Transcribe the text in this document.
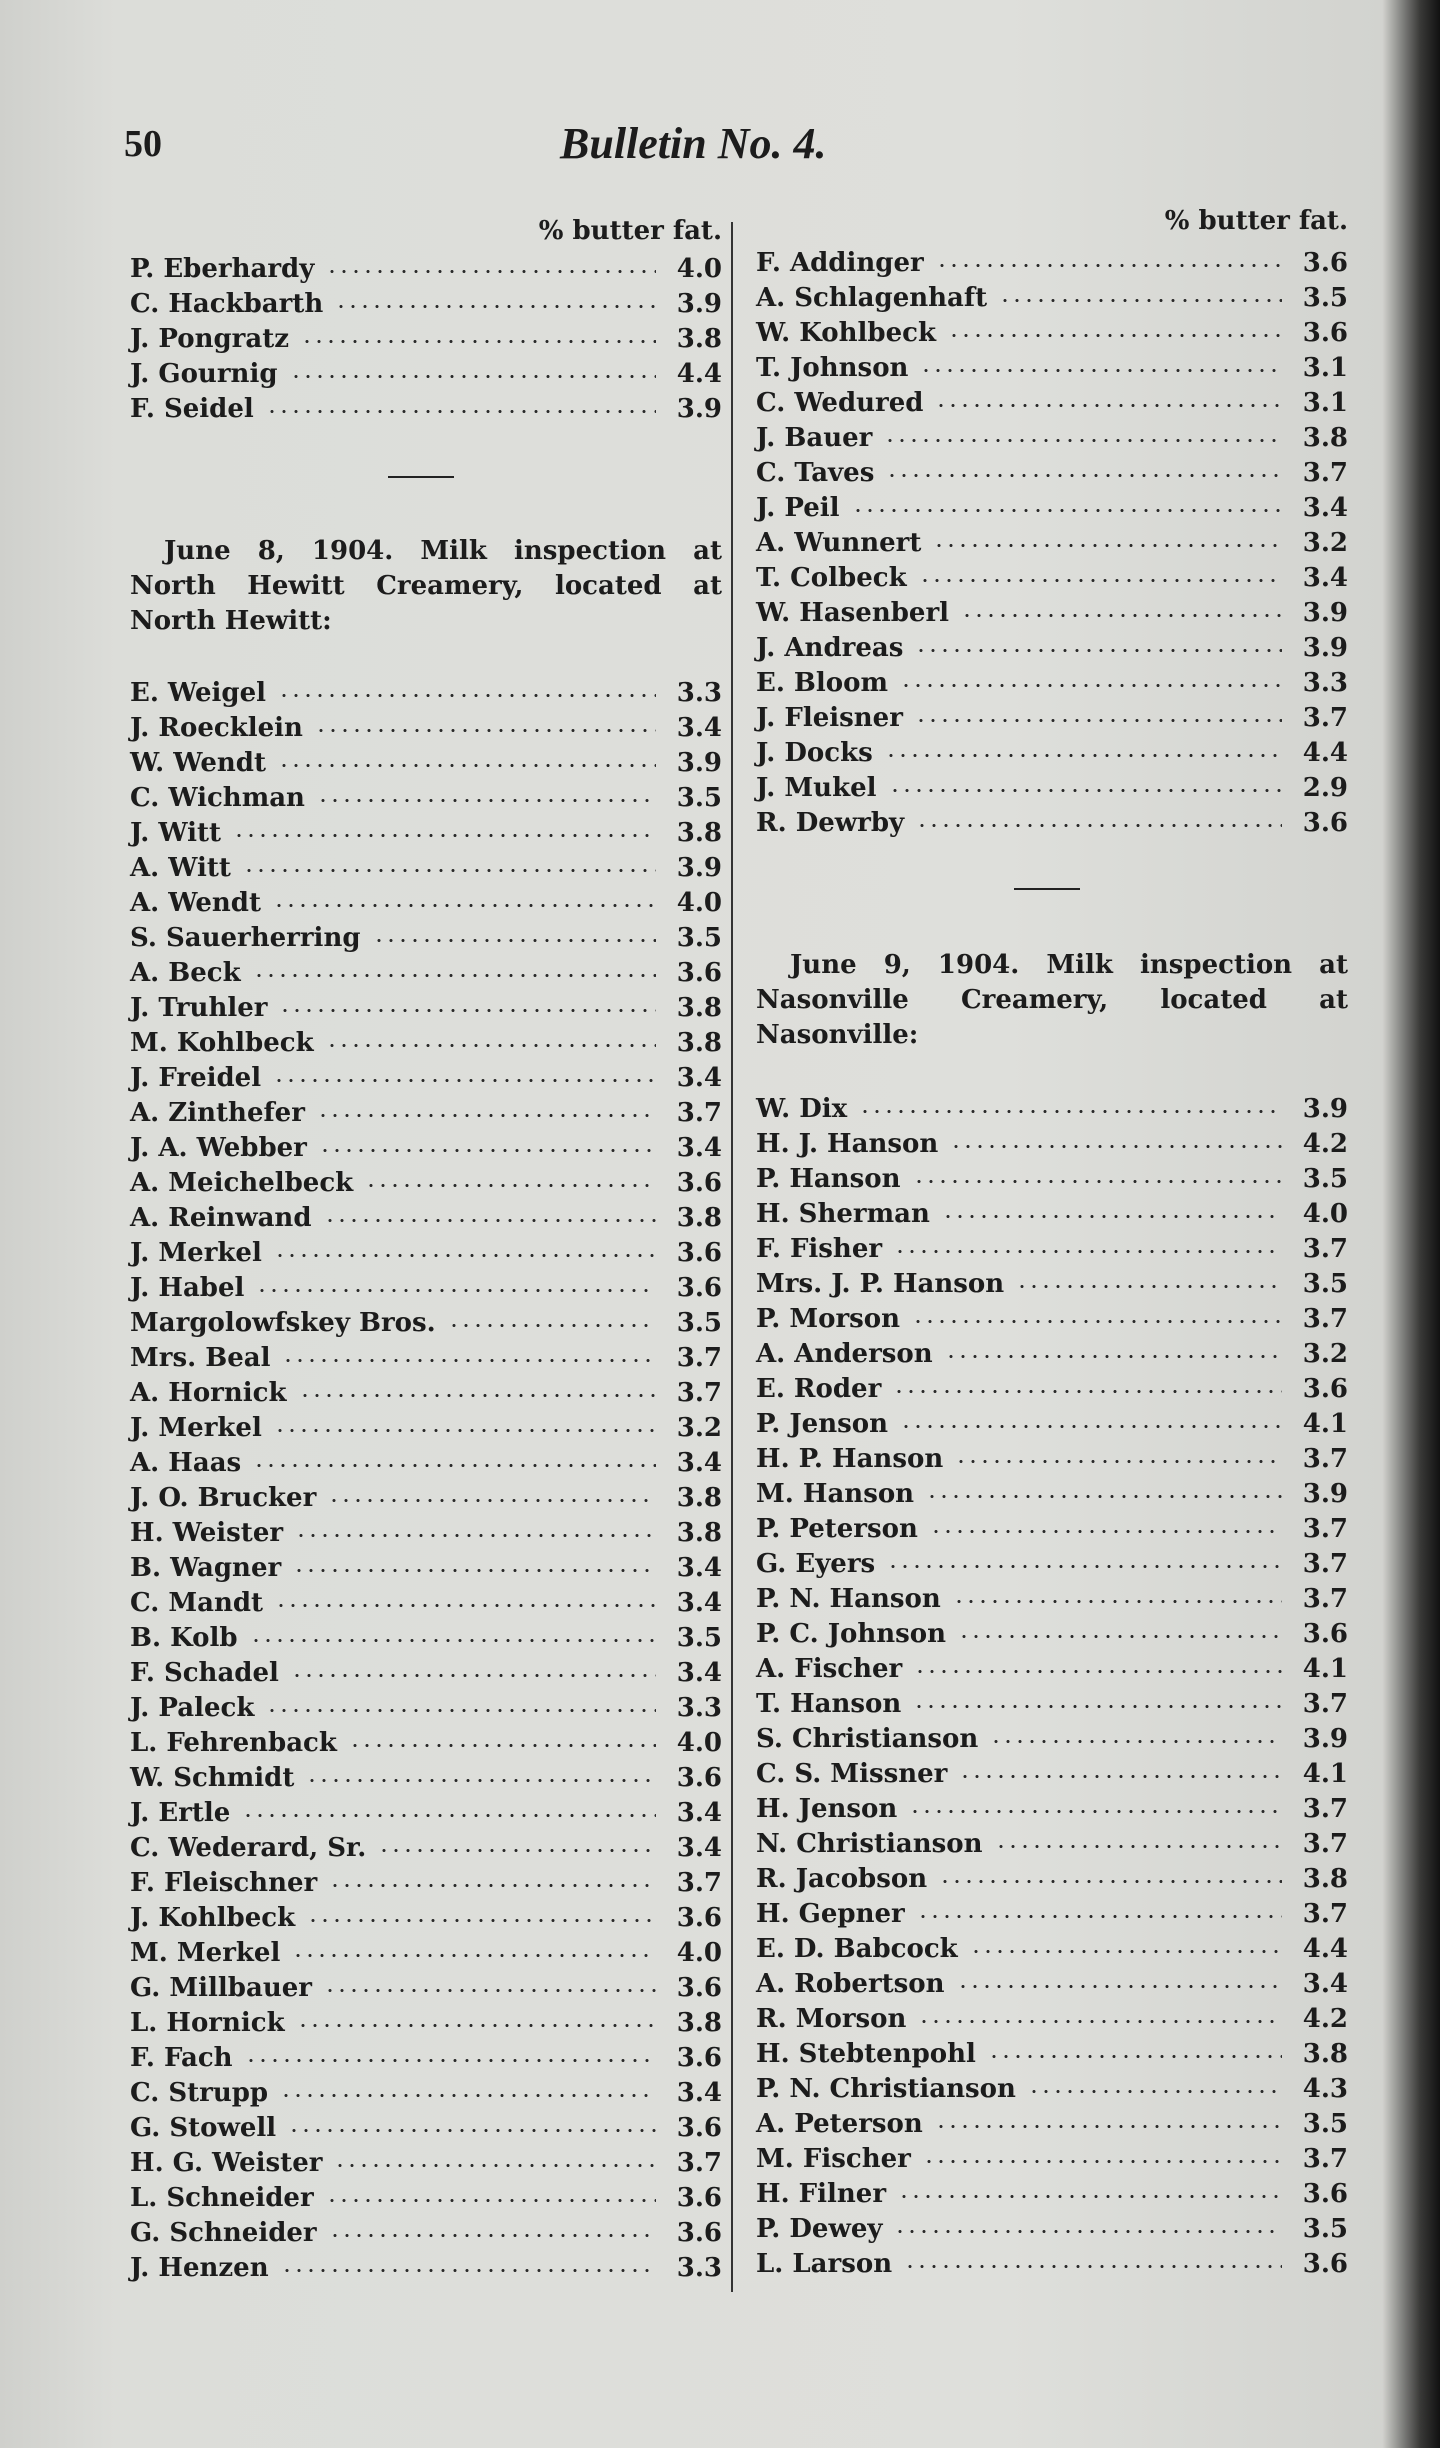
50	Bulletin No. 4.
% butter fat.
P. Eberhardy	4.0
C. Hackbarth	3.9
J. Pongratz	3.8
J. Gournig	4.4
F. Seidel	3.9

June 8, 1904. Milk inspection at North Hewitt Creamery, located at North Hewitt:

E. Weigel	3.3
J. Roecklein	3.4
W. Wendt	3.9
C. Wichman	3.5
J. Witt	3.8
A. Witt	3.9
A. Wendt	4.0
S. Sauerherring	3.5
A. Beck	3.6
J. Truhler	3.8
M. Kohlbeck	3.8
J. Freidel	3.4
A. Zinthefer	3.7
J. A. Webber	3.4
A. Meichelbeck	3.6
A. Reinwand	3.8
J. Merkel	3.6
J. Habel	3.6
Margolowfskey Bros.	3.5
Mrs. Beal	3.7
A. Hornick	3.7
J. Merkel	3.2
A. Haas	3.4
J. O. Brucker	3.8
H. Weister	3.8
B. Wagner	3.4
C. Mandt	3.4
B. Kolb	3.5
F. Schadel	3.4
J. Paleck	3.3
L. Fehrenback	4.0
W. Schmidt	3.6
J. Ertle	3.4
C. Wederard, Sr.	3.4
F. Fleischner	3.7
J. Kohlbeck	3.6
M. Merkel	4.0
G. Millbauer	3.6
L. Hornick	3.8
F. Fach	3.6
C. Strupp	3.4
G. Stowell	3.6
H. G. Weister	3.7
L. Schneider	3.6
G. Schneider	3.6
J. Henzen	3.3
% butter fat.
F. Addinger	3.6
A. Schlagenhaft	3.5
W. Kohlbeck	3.6
T. Johnson	3.1
C. Wedured	3.1
J. Bauer	3.8
C. Taves	3.7
J. Peil	3.4
A. Wunnert	3.2
T. Colbeck	3.4
W. Hasenberl	3.9
J. Andreas	3.9
E. Bloom	3.3
J. Fleisner	3.7
J. Docks	4.4
J. Mukel	2.9
R. Dewrby	3.6

June 9, 1904. Milk inspection at Nasonville Creamery, located at Nasonville:

W. Dix	3.9
H. J. Hanson	4.2
P. Hanson	3.5
H. Sherman	4.0
F. Fisher	3.7
Mrs. J. P. Hanson	3.5
P. Morson	3.7
A. Anderson	3.2
E. Roder	3.6
P. Jenson	4.1
H. P. Hanson	3.7
M. Hanson	3.9
P. Peterson	3.7
G. Eyers	3.7
P. N. Hanson	3.7
P. C. Johnson	3.6
A. Fischer	4.1
T. Hanson	3.7
S. Christianson	3.9
C. S. Missner	4.1
H. Jenson	3.7
N. Christianson	3.7
R. Jacobson	3.8
H. Gepner	3.7
E. D. Babcock	4.4
A. Robertson	3.4
R. Morson	4.2
H. Stebtenpohl	3.8
P. N. Christianson	4.3
A. Peterson	3.5
M. Fischer	3.7
H. Filner	3.6
P. Dewey	3.5
L. Larson	3.6
